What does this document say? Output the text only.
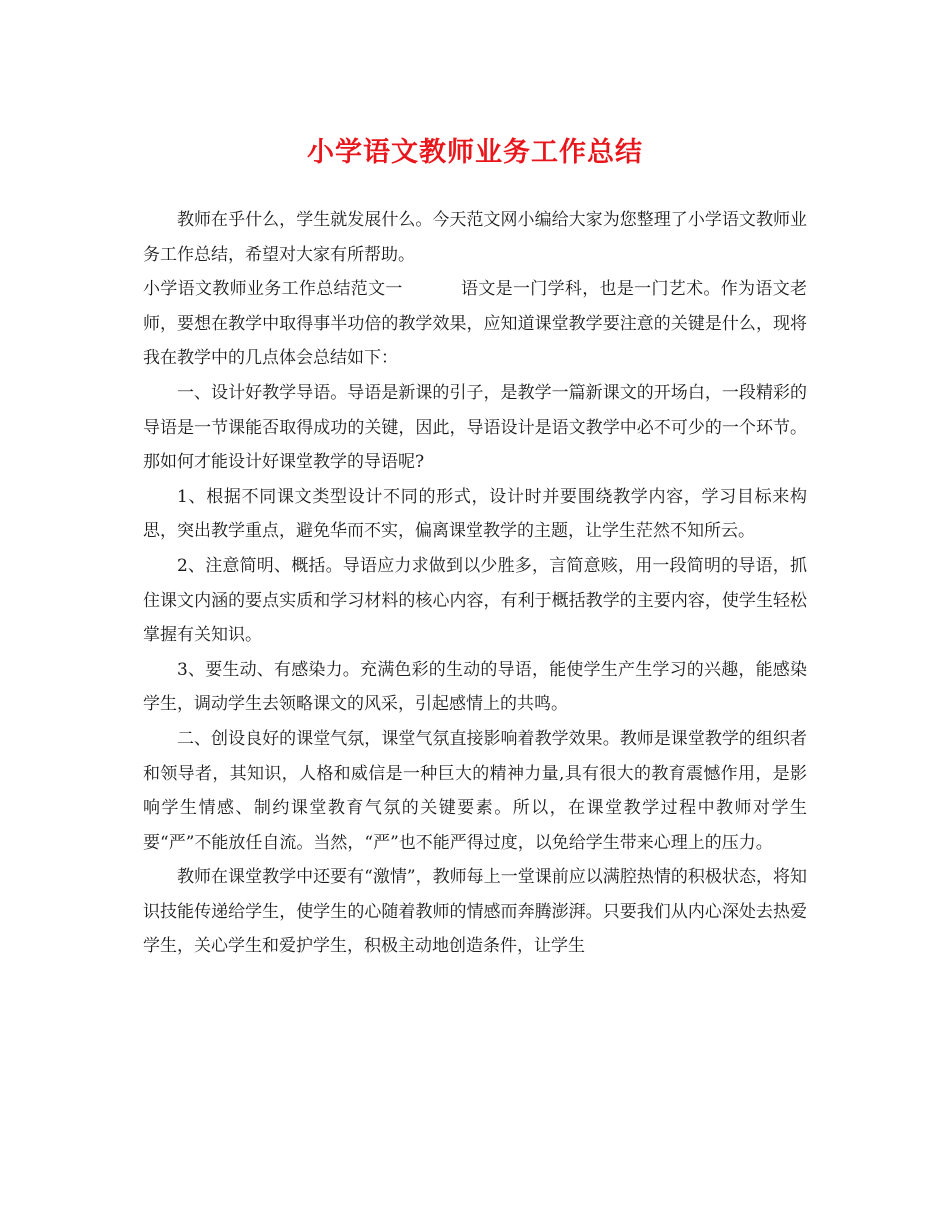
小学语文教师业务工作总结

教师在乎什么，学生就发展什么。今天范文网小编给大家为您整理了小学语文教师业务工作总结，希望对大家有所帮助。

小学语文教师业务工作总结范文一	语文是一门学科，也是一门艺术。作为语文老师，要想在教学中取得事半功倍的教学效果，应知道课堂教学要注意的关键是什么，现将我在教学中的几点体会总结如下：

一、设计好教学导语。导语是新课的引子，是教学一篇新课文的开场白，一段精彩的导语是一节课能否取得成功的关键，因此，导语设计是语文教学中必不可少的一个环节。那如何才能设计好课堂教学的导语呢?

1、根据不同课文类型设计不同的形式，设计时并要围绕教学内容，学习目标来构思，突出教学重点，避免华而不实，偏离课堂教学的主题，让学生茫然不知所云。

2、注意简明、概括。导语应力求做到以少胜多，言简意赅，用一段简明的导语，抓住课文内涵的要点实质和学习材料的核心内容，有利于概括教学的主要内容，使学生轻松掌握有关知识。

3、要生动、有感染力。充满色彩的生动的导语，能使学生产生学习的兴趣，能感染学生，调动学生去领略课文的风采，引起感情上的共鸣。

二、创设良好的课堂气氛，课堂气氛直接影响着教学效果。教师是课堂教学的组织者和领导者，其知识，人格和威信是一种巨大的精神力量,具有很大的教育震憾作用，是影响学生情感、制约课堂教育气氛的关键要素。所以，在课堂教学过程中教师对学生要“严”不能放任自流。当然，“严”也不能严得过度，以免给学生带来心理上的压力。

教师在课堂教学中还要有“激情”，教师每上一堂课前应以满腔热情的积极状态，将知识技能传递给学生，使学生的心随着教师的情感而奔腾澎湃。只要我们从内心深处去热爱学生，关心学生和爱护学生，积极主动地创造条件，让学生
